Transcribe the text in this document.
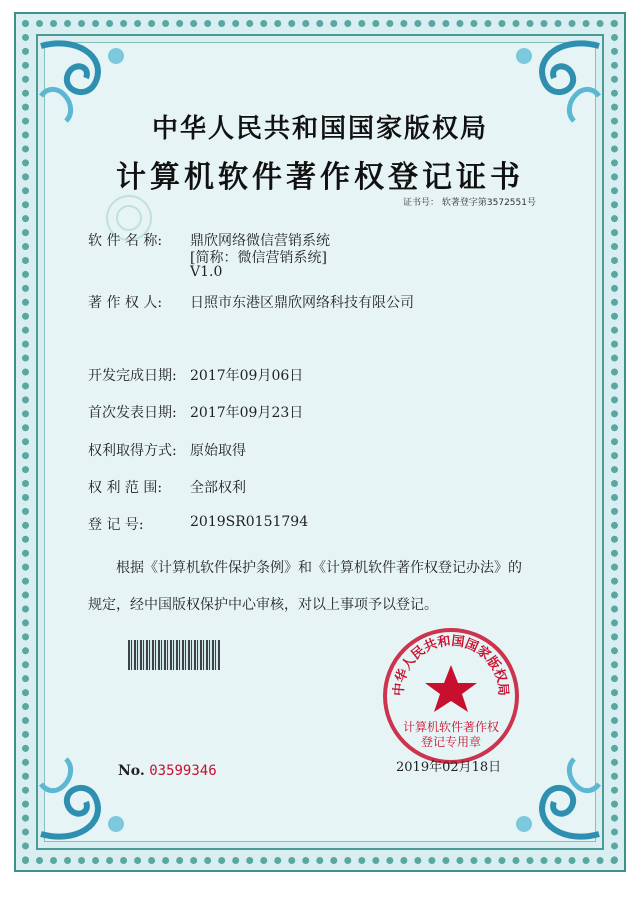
中华人民共和国国家版权局
计算机软件著作权登记证书
证书号： 软著登字第3572551号
软 件 名 称: 鼎欣网络微信营销系统
[简称：微信营销系统]
V1.0
著 作 权 人: 日照市东港区鼎欣网络科技有限公司
开发完成日期: 2017年09月06日
首次发表日期: 2017年09月23日
权利取得方式: 原始取得
权 利 范 围: 全部权利
登 记 号:	2019SR0151794
根据《计算机软件保护条例》和《计算机软件著作权登记办法》的
规定，经中国版权保护中心审核，对以上事项予以登记。
No. 03599346
中华人民共和国国家版权局
计算机软件著作权
登记专用章
2019年02月18日
